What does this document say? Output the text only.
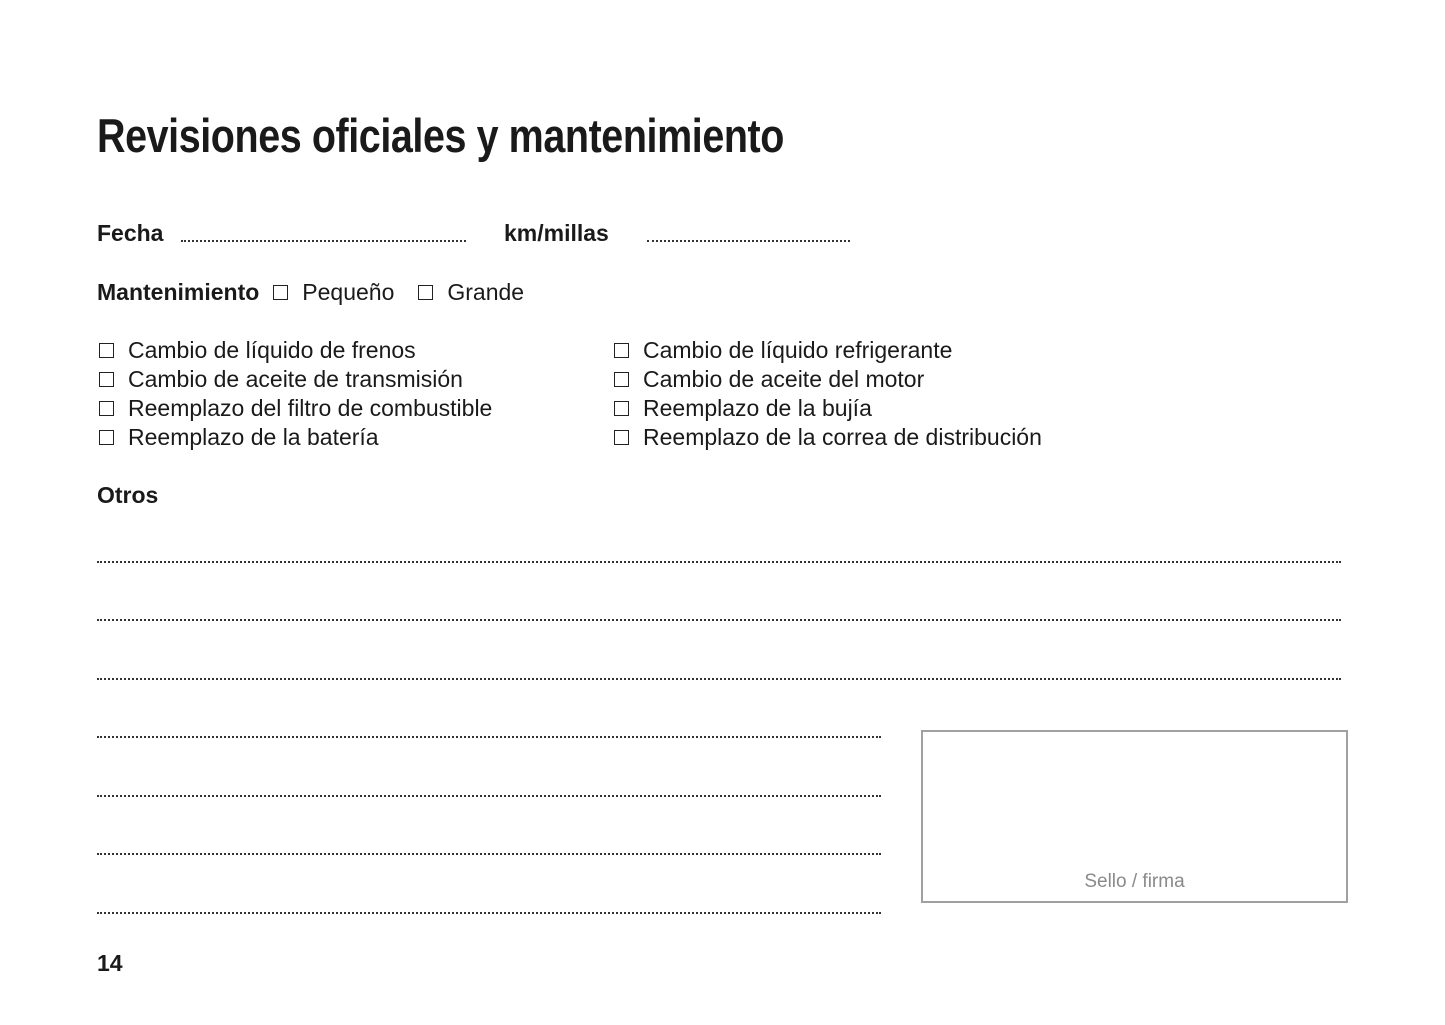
Revisiones oficiales y mantenimiento
Fecha	km/millas
Mantenimiento Pequeño Grande
Cambio de líquido de frenos
Cambio de aceite de transmisión
Reemplazo del filtro de combustible
Reemplazo de la batería
Cambio de líquido refrigerante
Cambio de aceite del motor
Reemplazo de la bujía
Reemplazo de la correa de distribución
Otros
Sello / firma
14
